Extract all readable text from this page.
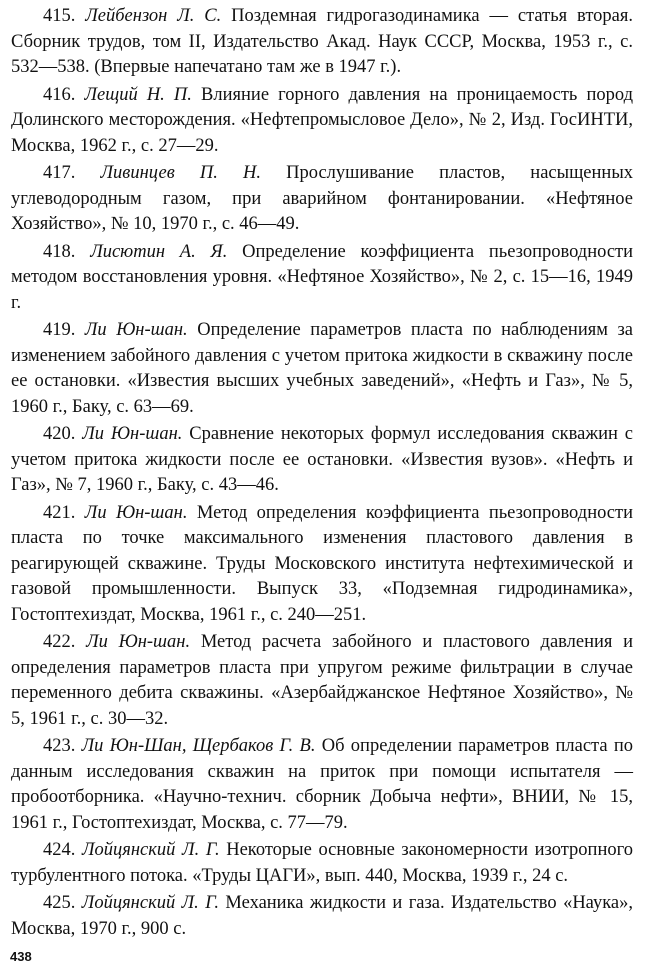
415. Лейбензон Л. С. Поздемная гидрогазодинамика — статья вторая. Сборник трудов, том II, Издательство Акад. Наук СССР, Москва, 1953 г., с. 532—538. (Впервые напечатано там же в 1947 г.).

416. Лещий Н. П. Влияние горного давления на проницаемость пород Долинского месторождения. «Нефтепромысловое Дело», № 2, Изд. ГосИНТИ, Москва, 1962 г., с. 27—29.

417. Ливинцев П. Н. Прослушивание пластов, насыщенных углеводородным газом, при аварийном фонтанировании. «Нефтяное Хозяйство», № 10, 1970 г., с. 46—49.

418. Лисютин А. Я. Определение коэффициента пьезопроводности методом восстановления уровня. «Нефтяное Хозяйство», № 2, с. 15—16, 1949 г.

419. Ли Юн-шан. Определение параметров пласта по наблюдениям за изменением забойного давления с учетом притока жидкости в скважину после ее остановки. «Известия высших учебных заведений», «Нефть и Газ», № 5, 1960 г., Баку, с. 63—69.

420. Ли Юн-шан. Сравнение некоторых формул исследования скважин с учетом притока жидкости после ее остановки. «Известия вузов». «Нефть и Газ», № 7, 1960 г., Баку, с. 43—46.

421. Ли Юн-шан. Метод определения коэффициента пьезопроводности пласта по точке максимального изменения пластового давления в реагирующей скважине. Труды Московского института нефтехимической и газовой промышленности. Выпуск 33, «Подземная гидродинамика», Гостоптехиздат, Москва, 1961 г., с. 240—251.

422. Ли Юн-шан. Метод расчета забойного и пластового давления и определения параметров пласта при упругом режиме фильтрации в случае переменного дебита скважины. «Азербайджанское Нефтяное Хозяйство», № 5, 1961 г., с. 30—32.

423. Ли Юн-Шан, Щербаков Г. В. Об определении параметров пласта по данным исследования скважин на приток при помощи испытателя — пробоотборника. «Научно-технич. сборник Добыча нефти», ВНИИ, № 15, 1961 г., Гостоптехиздат, Москва, с. 77—79.

424. Лойцянский Л. Г. Некоторые основные закономерности изотропного турбулентного потока. «Труды ЦАГИ», вып. 440, Москва, 1939 г., 24 с.

425. Лойцянский Л. Г. Механика жидкости и газа. Издательство «Наука», Москва, 1970 г., 900 с.

438
